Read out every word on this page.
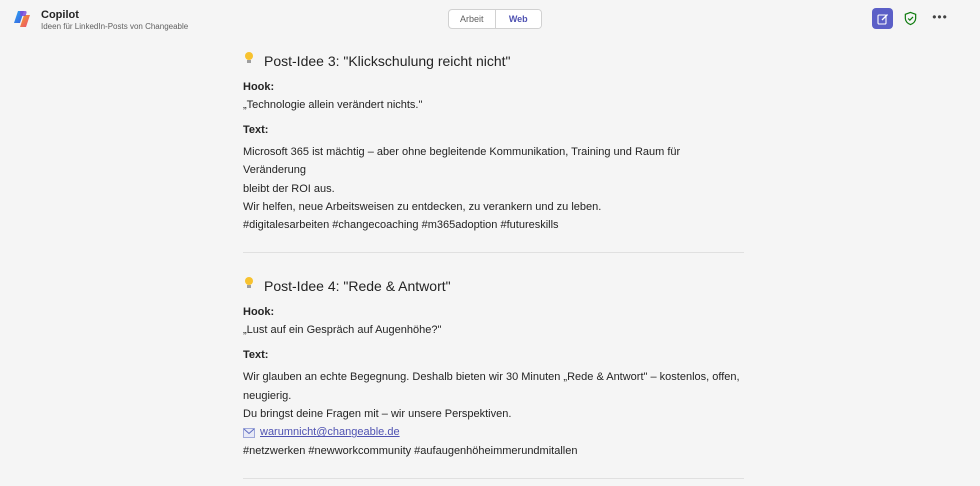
Copilot
Ideen für LinkedIn-Posts von Changeable
Arbeit	Web	•••
Post-Idee 3: "Klickschulung reicht nicht"
Hook:
„Technologie allein verändert nichts."
Text:
Microsoft 365 ist mächtig – aber ohne begleitende Kommunikation, Training und Raum für Veränderung
bleibt der ROI aus.
Wir helfen, neue Arbeitsweisen zu entdecken, zu verankern und zu leben.
#digitalesarbeiten #changecoaching #m365adoption #futureskills
Post-Idee 4: "Rede & Antwort"
Hook:
„Lust auf ein Gespräch auf Augenhöhe?"
Text:
Wir glauben an echte Begegnung. Deshalb bieten wir 30 Minuten „Rede & Antwort" – kostenlos, offen,
neugierig.
Du bringst deine Fragen mit – wir unsere Perspektiven.
warumnicht@changeable.de
#netzwerken #newworkcommunity #aufaugenhöheimmerundmitallen
